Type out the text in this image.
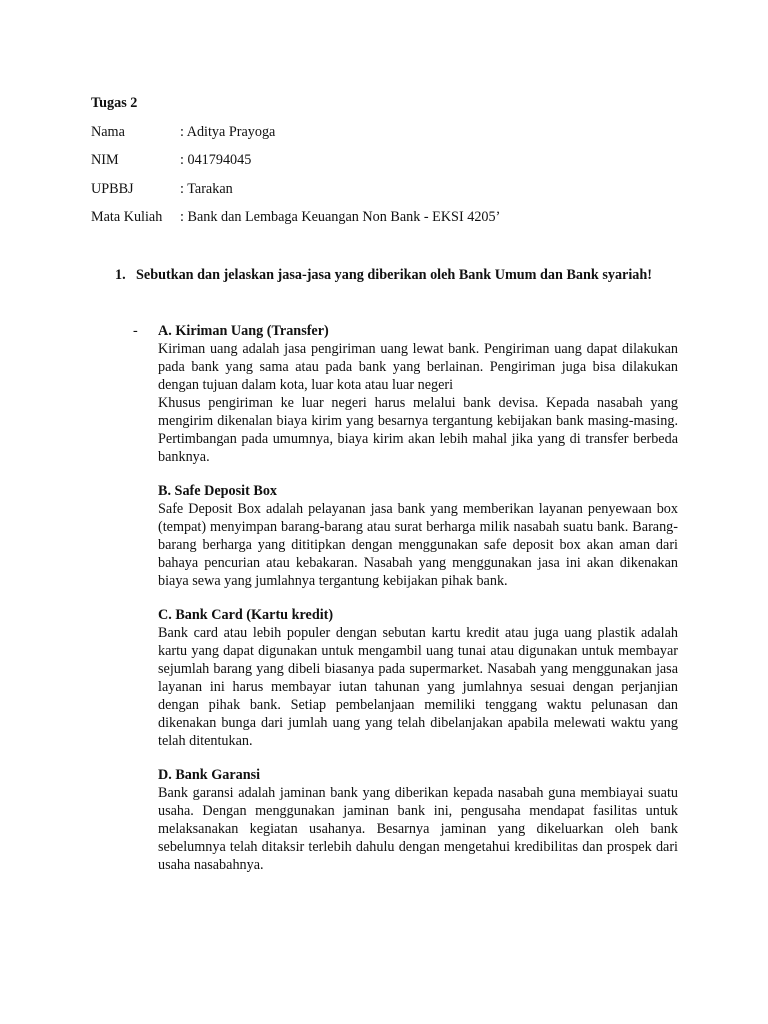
Tugas 2
Nama	: Aditya Prayoga
NIM	: 041794045
UPBBJ	: Tarakan
Mata Kuliah : Bank dan Lembaga Keuangan Non Bank - EKSI 4205’
1. Sebutkan dan jelaskan jasa-jasa yang diberikan oleh Bank Umum dan Bank syariah!
- A. Kiriman Uang (Transfer)

Kiriman uang adalah jasa pengiriman uang lewat bank. Pengiriman uang dapat dilakukan pada bank yang sama atau pada bank yang berlainan. Pengiriman juga bisa dilakukan dengan tujuan dalam kota, luar kota atau luar negeri

Khusus pengiriman ke luar negeri harus melalui bank devisa. Kepada nasabah yang mengirim dikenalan biaya kirim yang besarnya tergantung kebijakan bank masing-masing. Pertimbangan pada umumnya, biaya kirim akan lebih mahal jika yang di transfer berbeda banknya.

B. Safe Deposit Box

Safe Deposit Box adalah pelayanan jasa bank yang memberikan layanan penyewaan box (tempat) menyimpan barang-barang atau surat berharga milik nasabah suatu bank. Barang-barang berharga yang dititipkan dengan menggunakan safe deposit box akan aman dari bahaya pencurian atau kebakaran. Nasabah yang menggunakan jasa ini akan dikenakan biaya sewa yang jumlahnya tergantung kebijakan pihak bank.

C. Bank Card (Kartu kredit)

Bank card atau lebih populer dengan sebutan kartu kredit atau juga uang plastik adalah kartu yang dapat digunakan untuk mengambil uang tunai atau digunakan untuk membayar sejumlah barang yang dibeli biasanya pada supermarket. Nasabah yang menggunakan jasa layanan ini harus membayar iutan tahunan yang jumlahnya sesuai dengan perjanjian dengan pihak bank. Setiap pembelanjaan memiliki tenggang waktu pelunasan dan dikenakan bunga dari jumlah uang yang telah dibelanjakan apabila melewati waktu yang telah ditentukan.

D. Bank Garansi

Bank garansi adalah jaminan bank yang diberikan kepada nasabah guna membiayai suatu usaha. Dengan menggunakan jaminan bank ini, pengusaha mendapat fasilitas untuk melaksanakan kegiatan usahanya. Besarnya jaminan yang dikeluarkan oleh bank sebelumnya telah ditaksir terlebih dahulu dengan mengetahui kredibilitas dan prospek dari usaha nasabahnya.
